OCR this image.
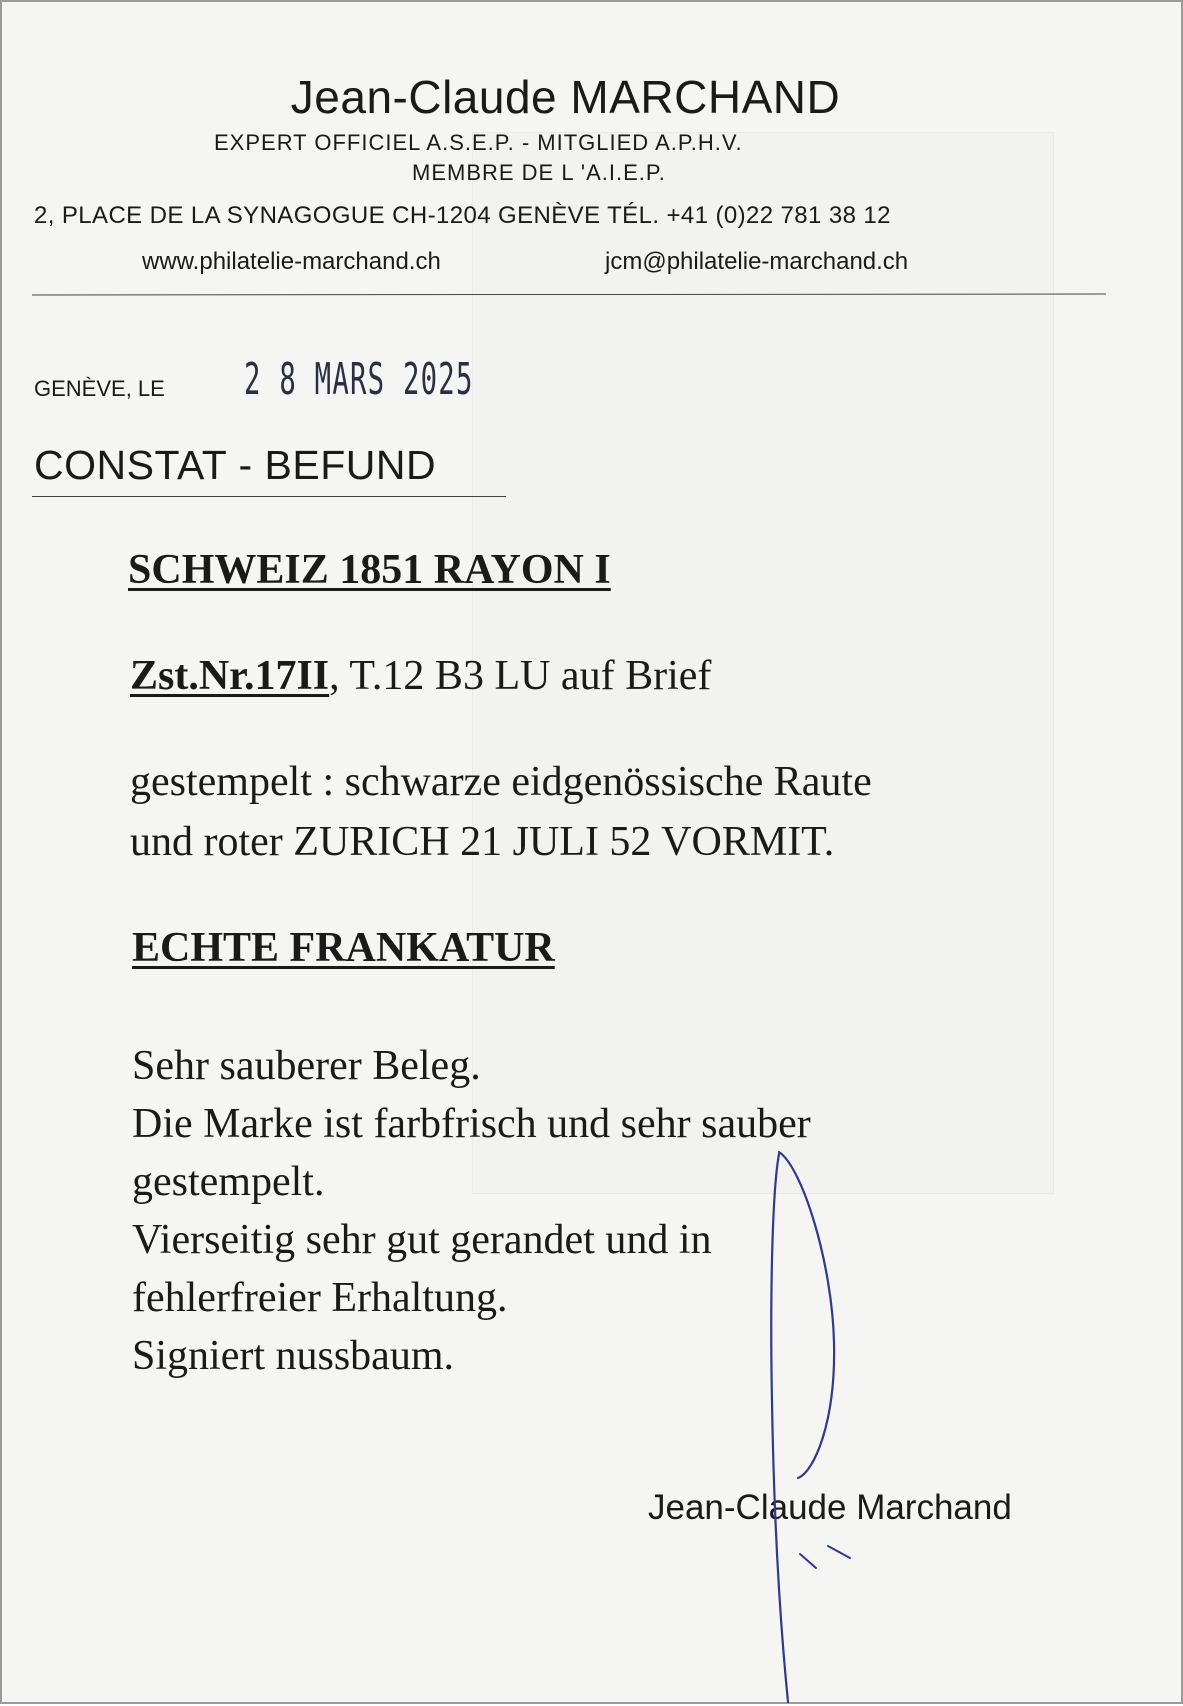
Jean-Claude MARCHAND
EXPERT OFFICIEL A.S.E.P. - MITGLIED A.P.H.V.
MEMBRE DE L 'A.I.E.P.
2, PLACE DE LA SYNAGOGUE CH-1204 GENÈVE TÉL. +41 (0)22 781 38 12
www.philatelie-marchand.ch	jcm@philatelie-marchand.ch
GENÈVE, LE 2 8 MARS 2025
CONSTAT - BEFUND
SCHWEIZ 1851 RAYON I
Zst.Nr.17II, T.12 B3 LU auf Brief
gestempelt : schwarze eidgenössische Raute
und roter ZURICH 21 JULI 52 VORMIT.
ECHTE FRANKATUR
Sehr sauberer Beleg.
Die Marke ist farbfrisch und sehr sauber
gestempelt.
Vierseitig sehr gut gerandet und in
fehlerfreier Erhaltung.
Signiert nussbaum.
Jean-Claude Marchand
